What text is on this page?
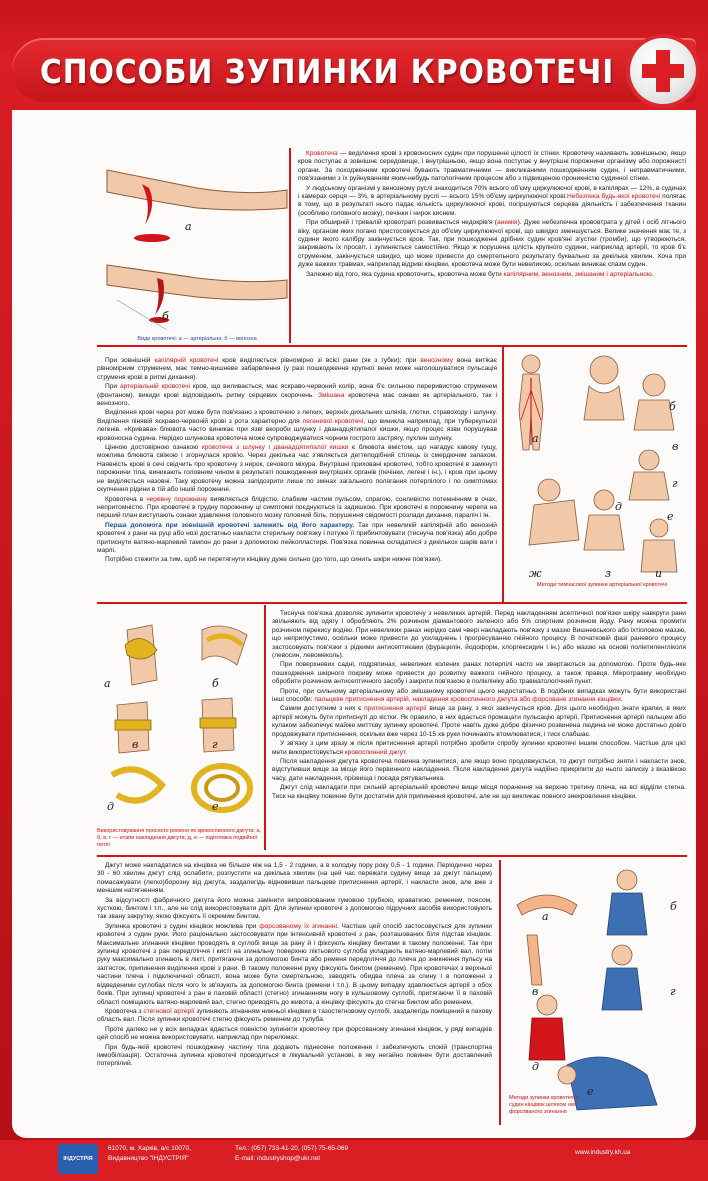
СПОСОБИ ЗУПИНКИ КРОВОТЕЧІ
а
б
Види кровотечі: а — артеріальна; б — венозна

Кровотеча — виділення крові з кровоносних судин при порушенні цілості їх стінки. Кровотечу називають зовнішньою, якщо кров поступає в зовнішнє середовище, і внутрішньою, якщо вона поступає у внутрішні порожнини організму або порожнисті органи. За походженням кровотечі бувають травматичними — викликаними пошкодженням судин, і нетравматичними, пов'язаними з їх руйнуванням яким-небудь патологічним процесом або з підвищеною проникністю судинної стінки.

У людському організмі у венозному руслі знаходиться 70% всього об'єму циркулюючої крові, в капілярах — 12%, в судинах і камерах серця — 3%, в артеріальному руслі — всього 15% об'єму циркулюючої крові.Небезпека будь-якої кровотечі полягає в тому, що в результаті нього падає кількість циркулюючої крові, погіршуються серцева діяльність і забезпечення тканин (особливо головного мозку), печінки і нирок киснем.

При обширній і тривалій кровотраті розвивається недокрів'я (анемія). Дуже небезпечна крововтрата у дітей і осіб літнього віку, організм яких погано пристосовується до об'єму циркулюючої крові, що швидко зменшується. Велике значення має те, з судини якого калібру закінчується кров. Так, при пошкодженні дрібних судин кров'яні згустки (тромби), що утворюються, закривають їх просвіт, і зупиняється самостійно. Якщо ж порушена цілість крупного судини, наприклад артерії, то кров б'є струменем, закінчується швидко, що може привести до смертельного результату буквально за декілька хвилин. Хоча при дуже важких травмах, наприклад відриві кінцівки, кровотеча може бути невеликою, оскільки виникає спазм судин.

Залежно від того, яка судина кровоточить, кровотеча може бути капілярним, венозним, змішаним і артеріальною.

При зовнішній капілярній кровотечі кров виділяється рівномірно зі всієї рани (як з губки); при венозному вона витікає рівномірним струменем, має темно-вишневе забарвлення (у разі пошкодження крупної вени може наголошуватися пульсація струменя крові в ритмі дихання).

При артеріальній кровотечі кров, що виливається, має яскраво-червоний колір, вона б'є сильною переривистою струменем (фонтаном), викиди крові відповідають ритму серцевих скорочень. Змішана кровотеча має ознаки як артеріального, так і венозного.

Виділення крові через рот може бути пов'язано з кровотечею з легких, верхніх дихальних шляхів, глотки, стравоходу і шлунку. Виділення пінявій яскраво-червоній крові з рота характерно для легеневої кровотечі, що виникла наприклад, при туберкульозі легенів. «Кривава» блювота часто виникає при язві вкороби шлунку і дванадцятипалої кишки, якщо процес язви порушував кровоносна судина. Нерідко шлункова кровотеча може супроводжуватися чорним гострого застрягу, пухлин шлунку.

Цінною достовірною ознакою кровотеча з шлунку і дванадцятипалої кишки є блювота вмістом, що нагадує кавову гущу, можлива блювота свіжою і згорнулася кров'ю. Через декілька час з'являється дегтеподібний стілець із смердючим запахом. Наявність крові в сечі свідчить про кровотечу з нирок, сечового міхура. Внутрішні приховані кровотечі, тобто кровотечі в замкнуті порожнини тіла, виникають головним чином в результаті пошкодження внутрішніх органів (печінки, легені і ін.), і кров при цьому не виділяється назовні. Таку кровотечу можна запідозрити лише по змінах загального полягання потерпілого і по симптомах скупчення рідини в тій або іншій порожнині.

Кровотеча в черевну порожнину виявляється блідістю, слабким частим пульсом, спрагою, сонливістю потемнінням в очах, непритомністю. При кровотечі в грудну порожнину ці симптоми поєднуються із задишкою. При кровотечі в порожнину черепа на перший план виступають ознаки здавлення головного мозку головний біль, порушення свідомості розлади дихання, параліч і ін.

Перша допомога при зовнішній кровотечі залежить від його характеру. Так при невеликій капілярній або венозній кровотечі з рани на руці або нозі достатньо накласти стерильну пов'язку і потуже її прибинтовувати (тиснуча пов'язка) або добре притиснути ватяно-марлевий тампон до рани з допомогою лейкопластиря. Пов'язка повинна складатися з декількох шарів вати і марлі.

Потрібно стежити за тим, щоб не перетягнути кінцівку дуже сильно (до того, що синить шкіри нижче пов'язки).

а
б
в
г
д
е
ж	з	и
Методи тимчасової зупинки артеріальної кровотечі
а	б
в	г
д	е
Використовування поясного ременя як кровоспинного джгута: а, б, в, г — етапи накладення джгута; д, е — підготовка подвійної петлі

Тиснуча пов'язка дозволяє зупинити кровотечу з невеликих артерій. Перед накладенням асептичної пов'язки шкіру навкруги рани звільняють від одягу і обробляють 2% розчином діамантового зеленого або 5% спиртним розчином йоду. Рану можна промити розчином перекису водню. При невеликих ранах нерідко самі чвері накладають пов'язку з маззю Вишневського або іхтіоловою маззю, що неприпустимо, оскільки може привести до ускладнень і прогресуванню гнійного процесу. В початковій фазі раневого процесу застосовують пов'язки з рідкими антисептиками (фурацилін, йодоформ, хлоргексидин і ін.) або маззю на основі поліетиленгліколя (левосин, левомеколь).

При поверхневих садні, подряпинах, невеликих колених ранах потерпілі часто не звертаються за допомогою. Проте будь-яке пошкодження шкірного покриву може привести до розвитку важкого гнійного процесу, а також правця. Мікротравму необхідно обробити розчином антисептичного засобу і закрити пов'язкою в поліклініку або травматологічний пункт.

Проте, при сильному артеріальному або змішаному кровотечі цього недостатньо. В подібних випадках можуть бути використані інші способи: пальцеве притиснення артерій, накладення кровоспинного джгута або форсоване згинання кінцівки.

Самим доступним з них є притиснення артерії вище за рану, з якої закінчується кров. Для цього необхідно знати крапки, в яких артерії можуть бути притиснуті до кістки. Як правило, в них вдається промацати пульсацію артерії. Притиснення артерії пальцем або кулаком забезпечує майже миттєву зупинку кровотечі. Проте навіть дуже добре фізично розвинена людина не може достатньо довго продовжувати притиснення, оскільки вже через 10-15 хв руки починають втомлюватися, і тиск слабшає.

У зв'язку з цим зразу ж після притиснення артерії потрібно зробити спробу зупинки кровотечі іншим способом. Частіше для цієї мети використовується кровоспинний джгут.

Після накладення джгута кровотеча повинна зупинитися, але якщо воно продовжується, то джгут потрібно зняти і накласти знов, відступивши вище за місце його первинного накладення. Після накладення джгута надійно прикріпити до нього записку з вказівкою часу, дати накладення, прізвища і посада рятувальника.

Джгут слід накладати при сильній артеріальній кровотечі вище місця поранення на верхню третину плеча, на всі відділи стегна. Тиск на кінцівку повинне бути достатнім для припинення кровотечі, але не що викликає повного знекровлення кінцівки.

Джгут може накладатися на кінцівка не більше ніж на 1,5 - 2 години, а в холодну пору року 0,5 - 1 години. Періодично через 30 - 60 хвилин джгут слід ослабити, розпустити на декілька хвилин (на цей час пережати судину вище за джгут пальцем) помасажувати (легко)борозну від джгута, заздалегідь відновивши пальцеве притиснення артерії, і накласти знов, але вже з меншим натягненням.

За відсутності фабричного джгута його можна замінити імпровізованим гумовою трубкою, краваткою, ременем, поясом, хусткою, бинтом і т.п., але не слід використовувати дріт. Для зупинки кровотечі з допомогою підручних засобів використовують так звану закрутку, якою фіксують її окремим бинтом.

Зупинка кровотечі з судин кінцівок можлива при форсованому їх згинанні. Частіше цей спосіб застосовується для зупинки кровотечі з судин руки. Його раціонально застосовувати при інтенсивній кровотечі з ран, розташованих біля підстав кінцівок. Максимальне згинання кінцівки проводять в суглобі вище за рану й і фіксують кінцівку бинтами в такому положенні. Так при зупинці кровотечі з ран передпліччя і кисті на згинальну поверхню ліктьового суглоба укладають ватяно-марлевий вал, потім руку максимально згинають в лікті, притягаючи за допомогою бинта або ременя передпліччя до плеча до зникнення пульсу на зап'ясток, припинення виділення крові з рани. В такому положенні руку фіксують бинтом (ременем). При кровотечах з верхньої частини плеча і підключичної області, вона може бути смертельною, заводять обидва плеча за спину і в положенні з відведеними суглобах після чого їх зв'язують за допомогою бинта (ремени і т.п.). В цьому випадку здавлюється артерії з обох боків. При зупинці кровотечі з ран в паховій області (стегно) згинаннням ногу в кульшовому суглобі, притягаючи її в паховій області поміщають ватяно-марлевий вал, стегно приводять до живота, а кінцівку фіксують до стегна бинтом або ременем.

Кровотеча з стегнової артерії зупиняють зігнанням нижньої кінцівки в тазостегновому суглобі, заздалегідь поміщений в пахову область вал. Після зупинки кровотечі стегно фіксують ременем до тулуба.

Проте далеко не у всіх випадках вдається повністю зупинити кровотечу при форсованому згинанні кінцівок, у ряді випадків цей спосіб не можна використовувати, наприклад при переломах.

При будь-якій кровотечі пошкоджену частину тіла додають піднесене положення і забезпечують спокій (транспортна іммобілізація). Остаточна зупинка кровотечі проводиться в лікувальній установі, в яку негайно повинен бути доставлений потерпілий.

а
б
в	г
д
е
Методи зупинки кровотечі з судин кінцівок шляхом них форсованого згинання
ІНДУСТРІЯ
61070, м. Харків, а/с 10070,
Видавництво "ІНДУСТРІЯ"
Тел.: (057) 733-41-20, (057) 75-65-069
E-mail: industryshop@ukr.net
www.industry.kh.ua
